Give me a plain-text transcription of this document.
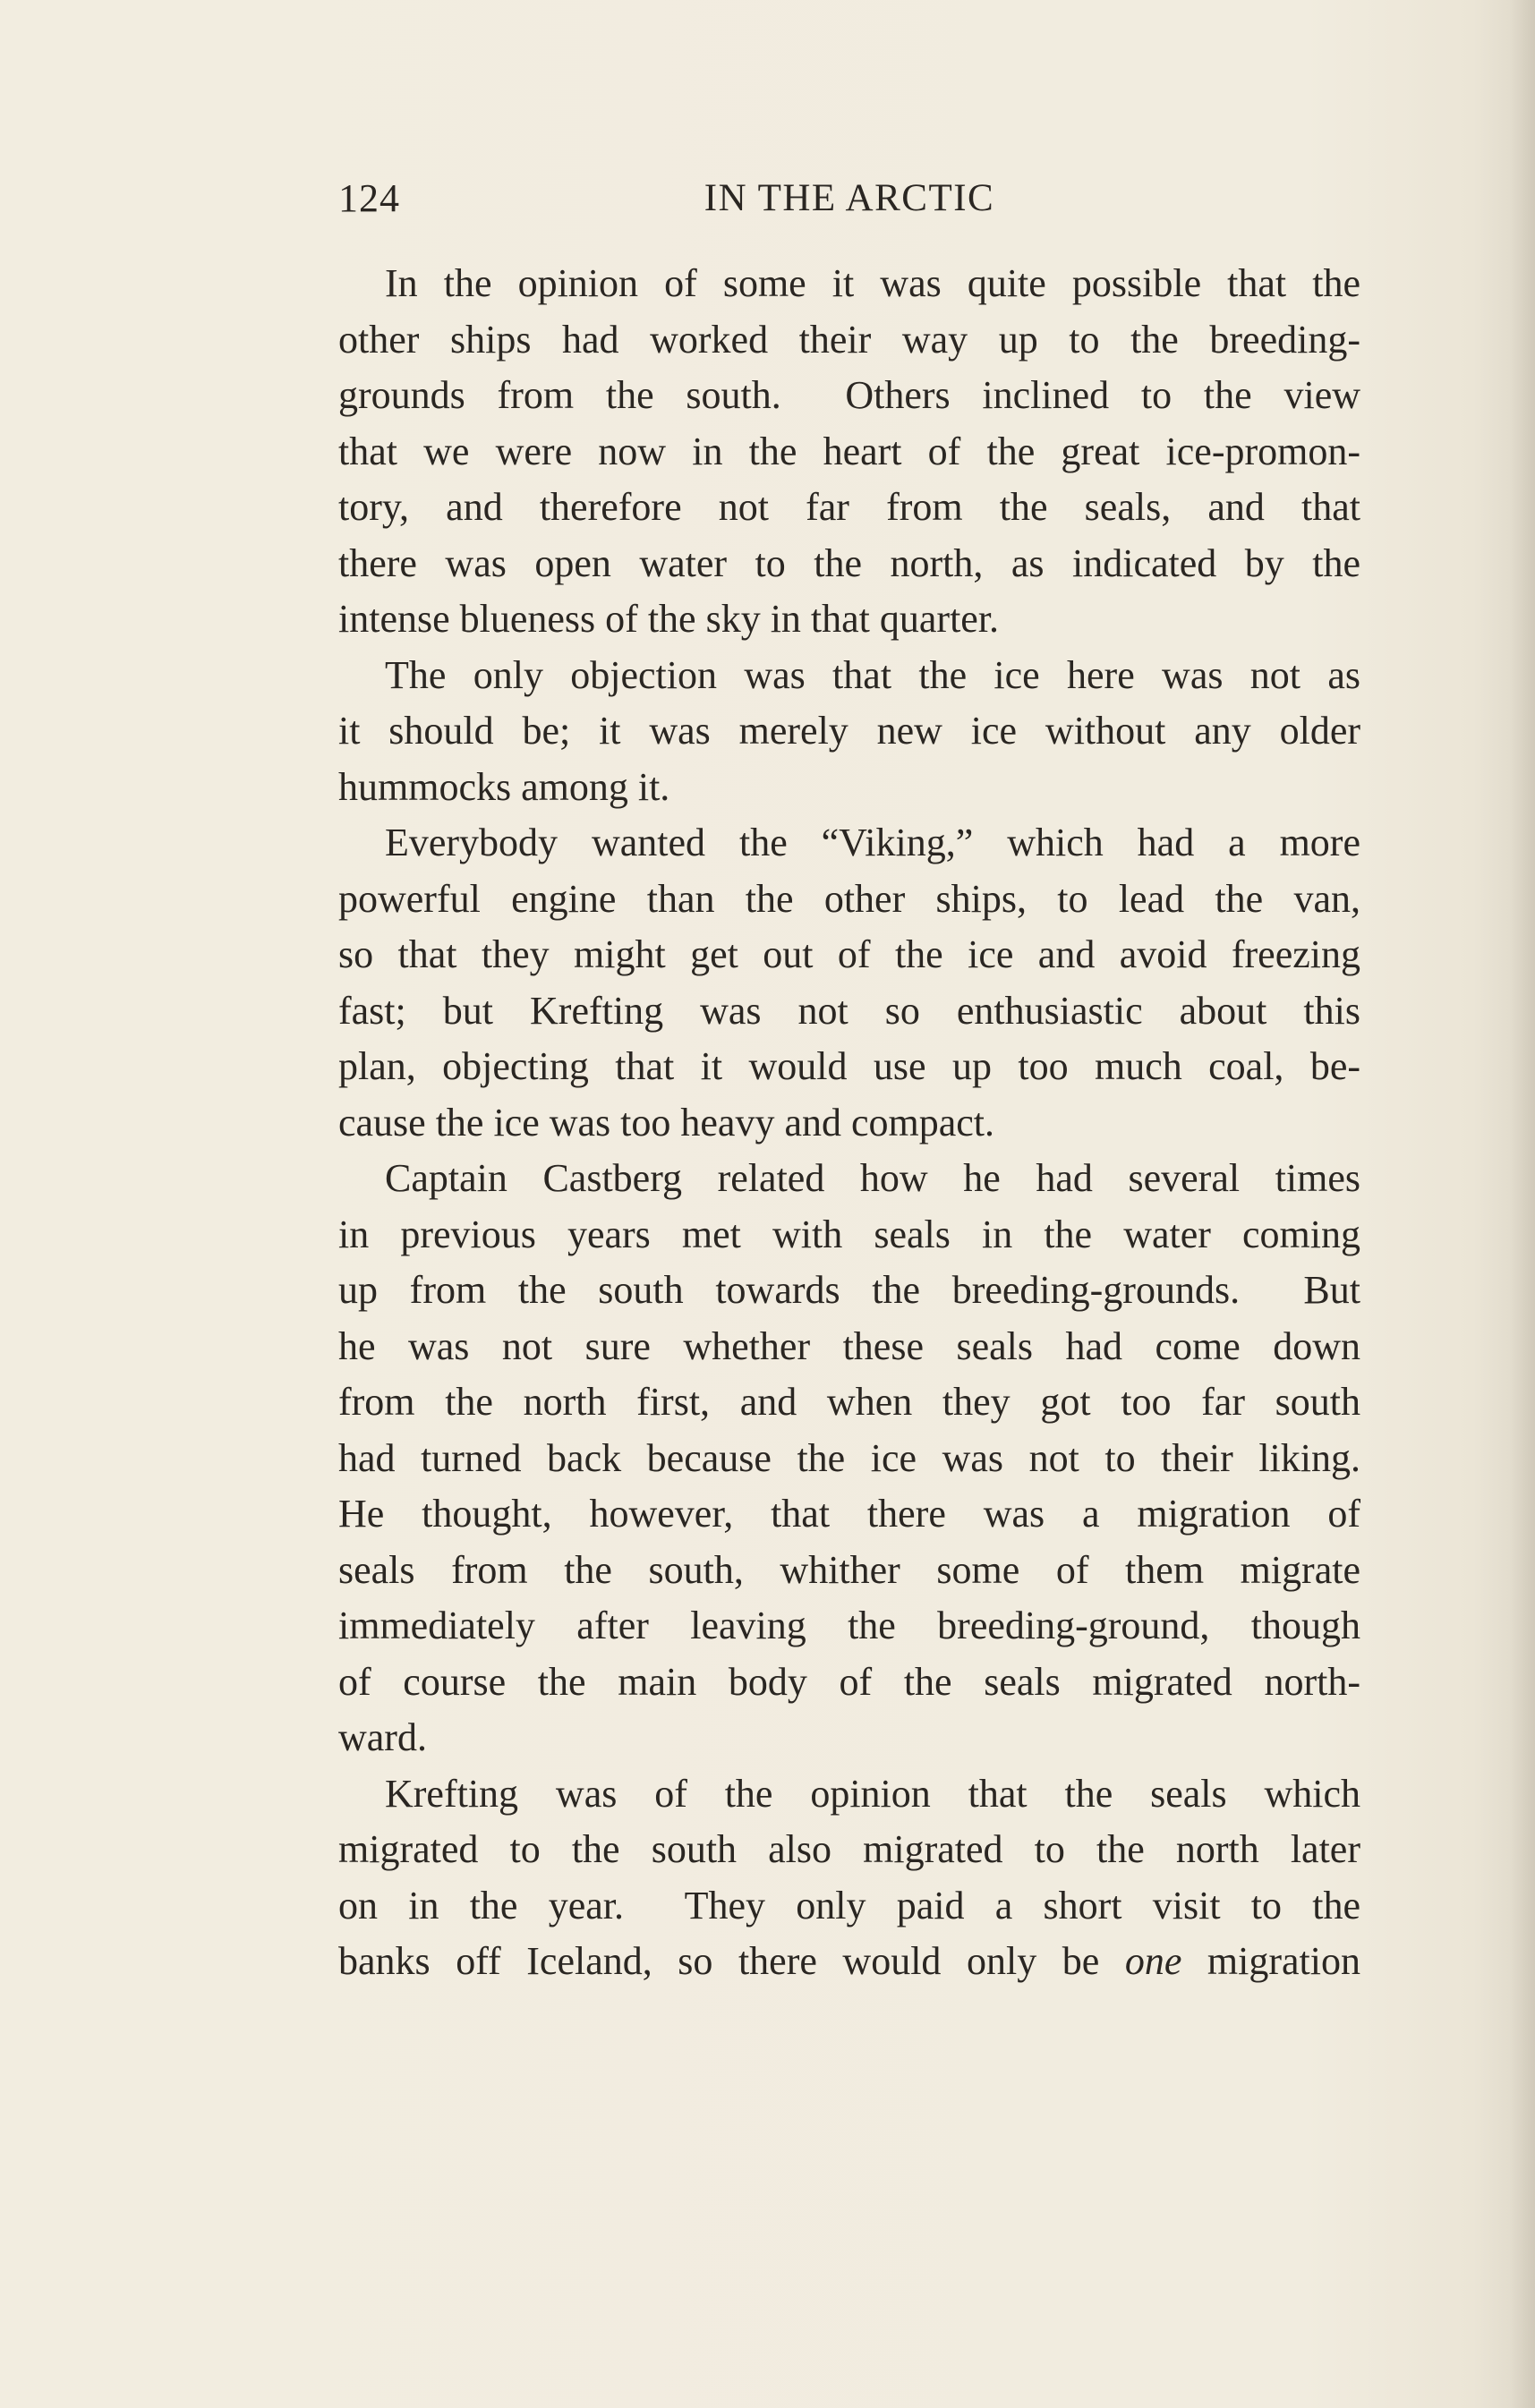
124	IN THE ARCTIC
In the opinion of some it was quite possible that the
other ships had worked their way up to the breeding-
grounds from the south.  Others inclined to the view
that we were now in the heart of the great ice-promon-
tory, and therefore not far from the seals, and that
there was open water to the north, as indicated by the
intense blueness of the sky in that quarter.
The only objection was that the ice here was not as
it should be; it was merely new ice without any older
hummocks among it.
Everybody wanted the “Viking,” which had a more
powerful engine than the other ships, to lead the van,
so that they might get out of the ice and avoid freezing
fast; but Krefting was not so enthusiastic about this
plan, objecting that it would use up too much coal, be-
cause the ice was too heavy and compact.
Captain Castberg related how he had several times
in previous years met with seals in the water coming
up from the south towards the breeding-grounds.  But
he was not sure whether these seals had come down
from the north first, and when they got too far south
had turned back because the ice was not to their liking.
He thought, however, that there was a migration of
seals from the south, whither some of them migrate
immediately after leaving the breeding-ground, though
of course the main body of the seals migrated north-
ward.
Krefting was of the opinion that the seals which
migrated to the south also migrated to the north later
on in the year.  They only paid a short visit to the
banks off Iceland, so there would only be one migration
